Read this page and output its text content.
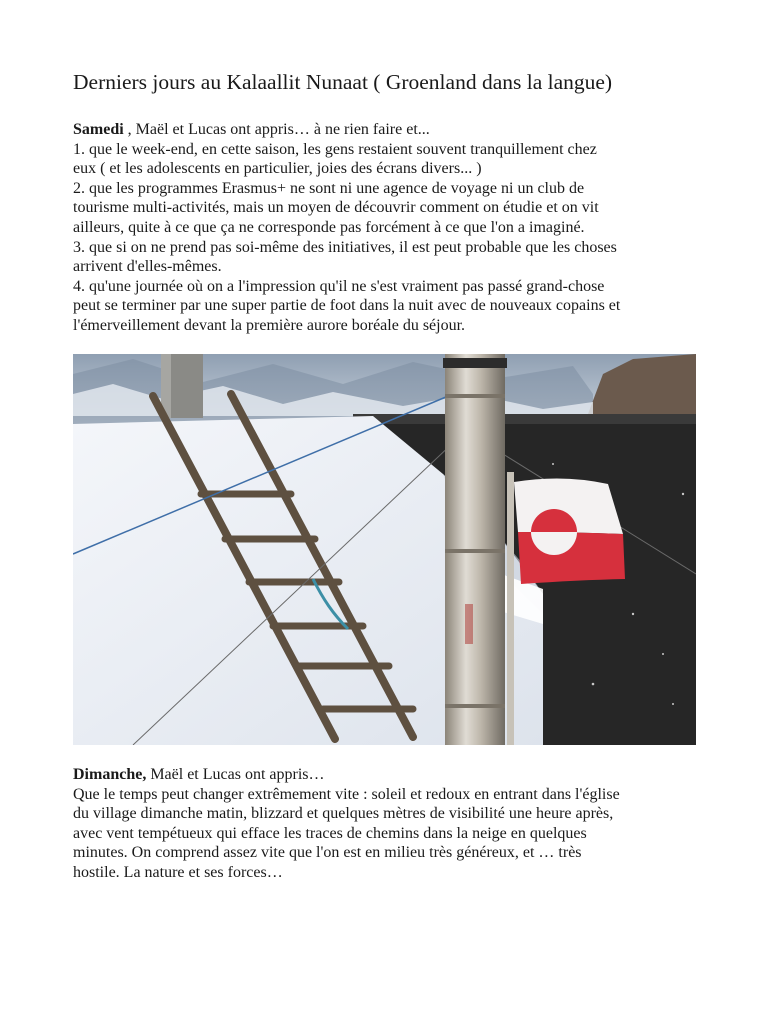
Derniers jours au Kalaallit Nunaat ( Groenland dans la langue)

Samedi , Maël et Lucas ont appris… à ne rien faire et...
1. que le week-end, en cette saison, les gens restaient souvent tranquillement chez
eux ( et les adolescents en particulier, joies des écrans divers... )
2. que les programmes Erasmus+ ne sont ni une agence de voyage ni un club de
tourisme multi-activités, mais un moyen de découvrir comment on étudie et on vit
ailleurs, quite à ce que ça ne corresponde pas forcément à ce que l'on a imaginé.
3. que si on ne prend pas soi-même des initiatives, il est peut probable que les choses
arrivent d'elles-mêmes.
4. qu'une journée où on a l'impression qu'il ne s'est vraiment pas passé grand-chose
peut se terminer par une super partie de foot dans la nuit avec de nouveaux copains et
l'émerveillement devant la première aurore boréale du séjour.

Dimanche, Maël et Lucas ont appris…
Que le temps peut changer extrêmement vite : soleil et redoux en entrant dans l'église
du village dimanche matin, blizzard et quelques mètres de visibilité une heure après,
avec vent tempétueux qui efface les traces de chemins dans la neige en quelques
minutes. On comprend assez vite que l'on est en milieu très généreux, et … très
hostile. La nature et ses forces…
